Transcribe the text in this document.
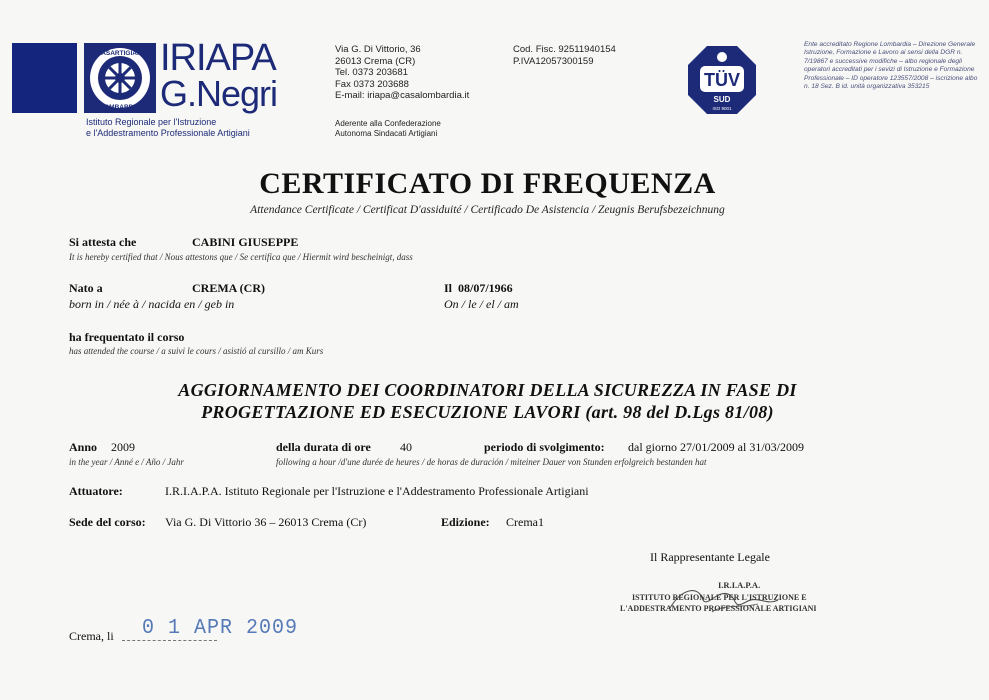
CASARTIGIANI
LOMBARDIA
IRIAPA
G.Negri
Istituto Regionale per l'Istruzione
e l'Addestramento Professionale Artigiani
Via G. Di Vittorio, 36
26013 Crema (CR)
Tel. 0373 203681
Fax 0373 203688
E-mail: iriapa@casalombardia.it
Aderente alla Confederazione
Autonoma Sindacati Artigiani
Cod. Fisc. 92511940154
P.IVA12057300159
TÜV
SUD
ISO 9001
Ente accreditato Regione Lombardia – Direzione Generale Istruzione, Formazione e Lavoro ai sensi della DGR n. 7/19867 e successive modifiche – albo regionale degli operatori accreditati per i sevizi di Istruzione e Formazione Professionale – ID operatore 123557/2008 – iscrizione albo n. 18 Sez. B id. unità organizzativa 353215
CERTIFICATO DI FREQUENZA
Attendance Certificate / Certificat D'assiduité / Certificado De Asistencia / Zeugnis Berufsbezeichnung
Si attesta che	CABINI GIUSEPPE
It is hereby certified that / Nous attestons que / Se certifica que / Hiermit wird bescheinigt, dass
Nato a	CREMA (CR)
born in / née à / nacida en / geb in
Il 08/07/1966
On / le / el / am
ha frequentato il corso
has attended the course / a suivi le cours / asistió al cursillo / am Kurs
AGGIORNAMENTO DEI COORDINATORI DELLA SICUREZZA IN FASE DI
PROGETTAZIONE ED ESECUZIONE LAVORI (art. 98 del D.Lgs 81/08)
Anno 2009
in the year / Anné e / Año / Jahr
della durata di ore 40
following a hour /d'une durée de heures / de horas de duración / miteiner Dauer von Stunden erfolgreich bestanden hat
periodo di svolgimento: dal giorno 27/01/2009 al 31/03/2009
Attuatore:	I.R.I.A.P.A. Istituto Regionale per l'Istruzione e l'Addestramento Professionale Artigiani
Sede del corso: Via G. Di Vittorio 36 – 26013 Crema (Cr)	Edizione: Crema1
Il Rappresentante Legale
I.R.I.A.P.A.
ISTITUTO REGIONALE PER L'ISTRUZIONE E
L'ADDESTRAMENTO PROFESSIONALE ARTIGIANI
Crema, li 0 1 APR 2009
